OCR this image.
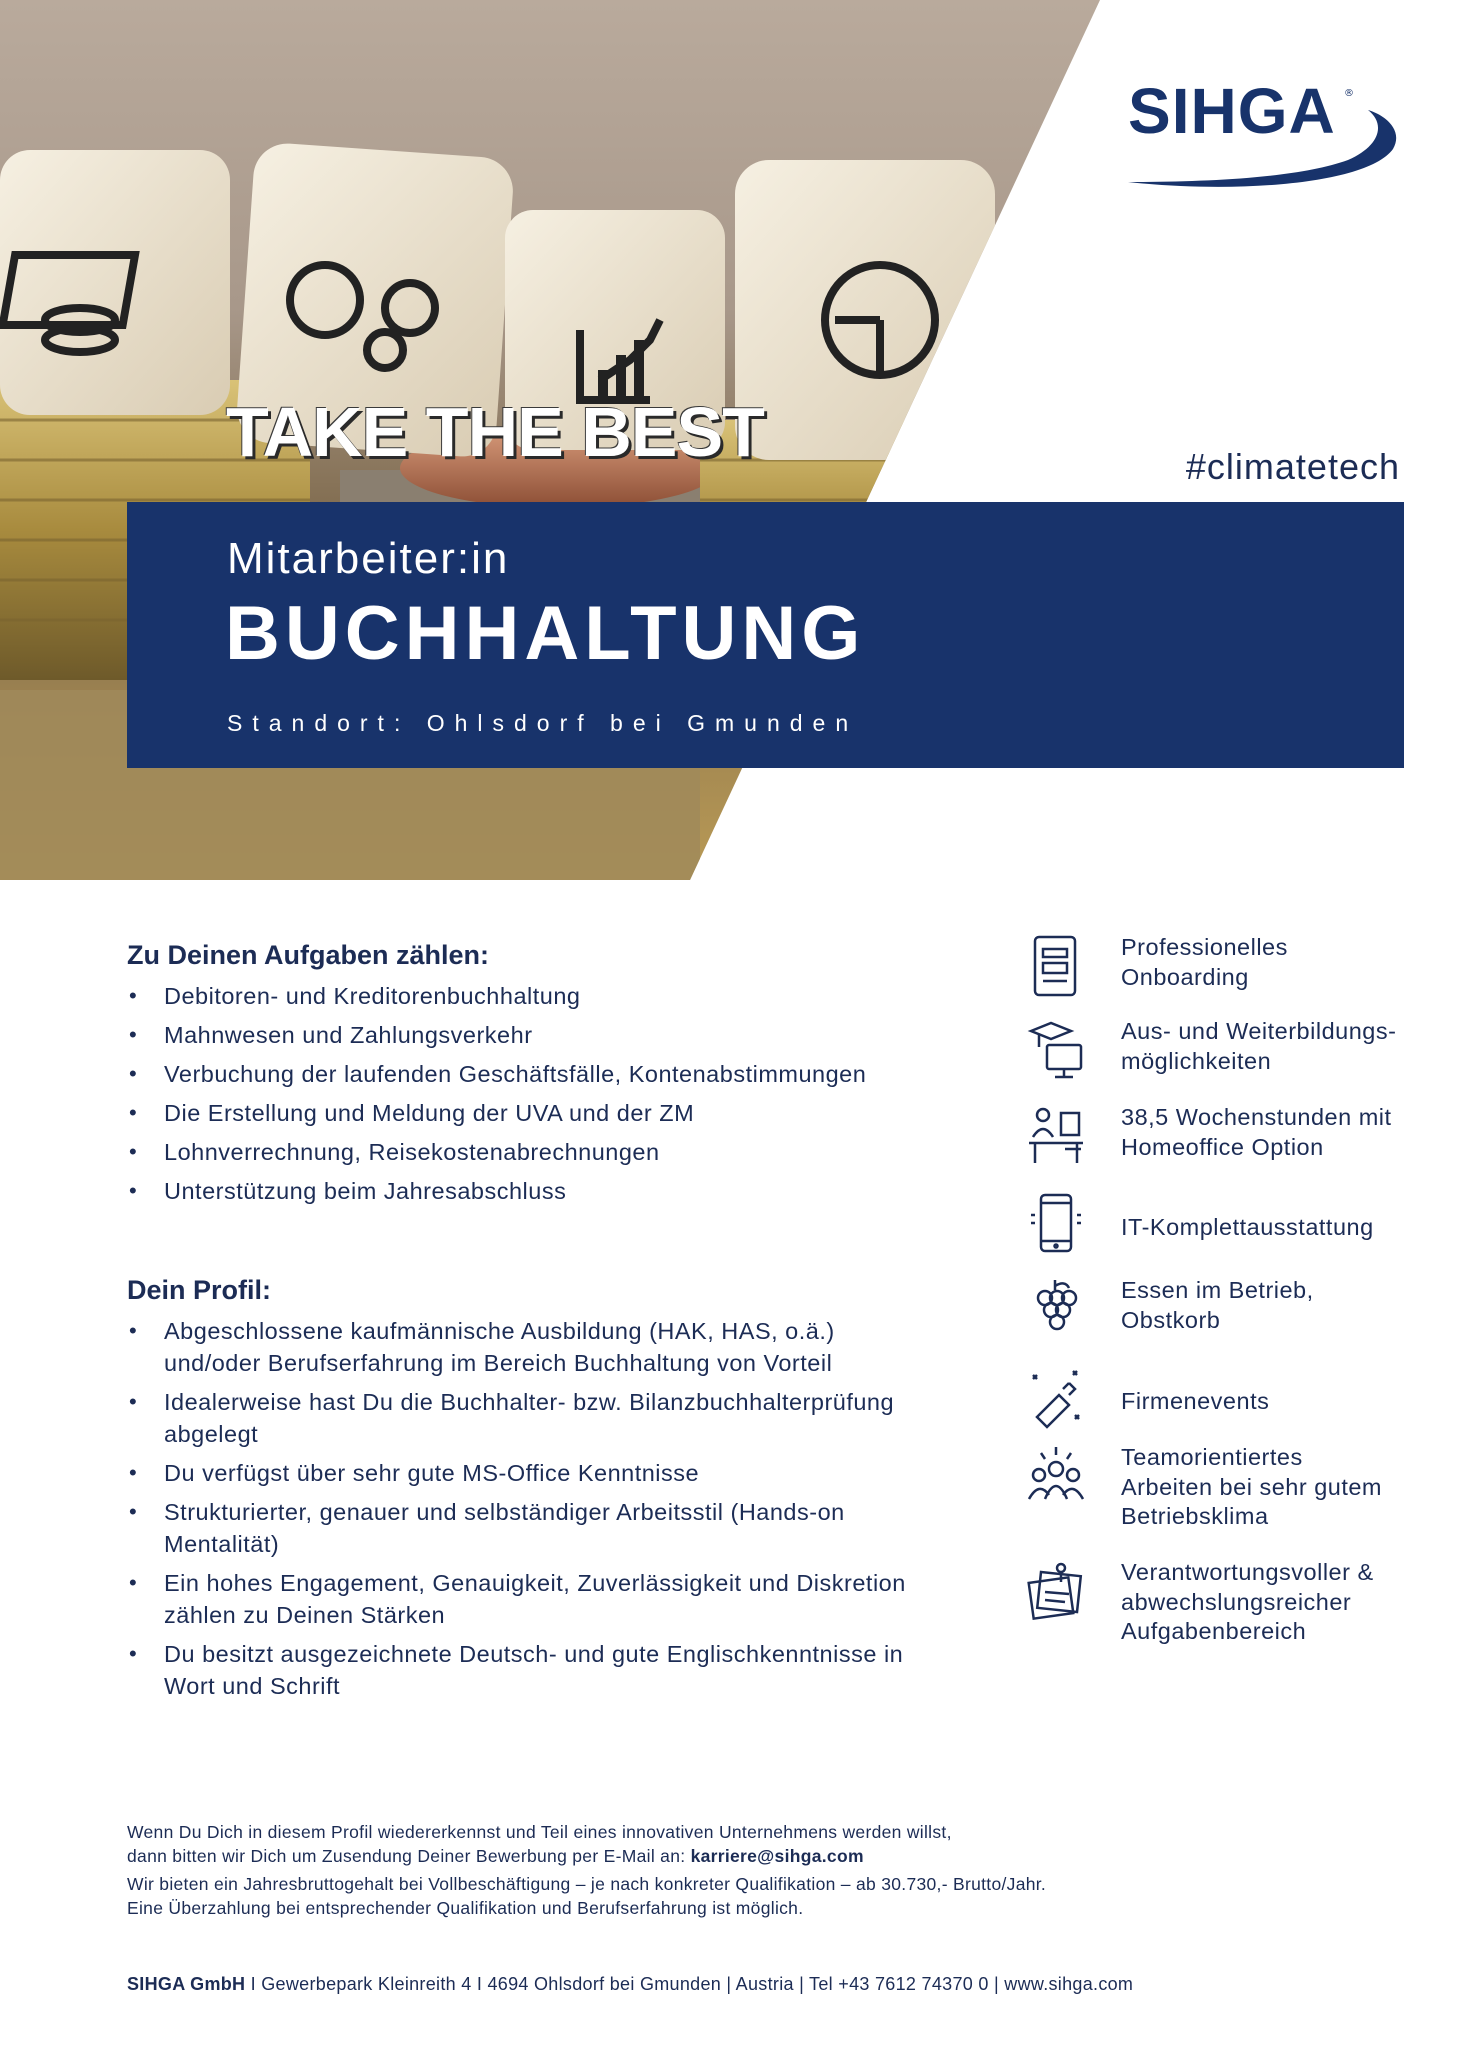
SIHGA ®
TAKE THE BEST	#climatetech
Mitarbeiter:in
BUCHHALTUNG
Standort: Ohlsdorf bei Gmunden
Zu Deinen Aufgaben zählen:
• Debitoren- und Kreditorenbuchhaltung
• Mahnwesen und Zahlungsverkehr
• Verbuchung der laufenden Geschäftsfälle, Kontenabstimmungen
• Die Erstellung und Meldung der UVA und der ZM
• Lohnverrechnung, Reisekostenabrechnungen
• Unterstützung beim Jahresabschluss
Dein Profil:
• Abgeschlossene kaufmännische Ausbildung (HAK, HAS, o.ä.) und/oder Berufserfahrung im Bereich Buchhaltung von Vorteil
• Idealerweise hast Du die Buchhalter- bzw. Bilanzbuchhalterprüfung abgelegt
• Du verfügst über sehr gute MS-Office Kenntnisse
• Strukturierter, genauer und selbständiger Arbeitsstil (Hands-on Mentalität)
• Ein hohes Engagement, Genauigkeit, Zuverlässigkeit und Diskretion zählen zu Deinen Stärken
• Du besitzt ausgezeichnete Deutsch- und gute Englischkenntnisse in Wort und Schrift
Professionelles
Onboarding
Aus- und Weiterbildungs-
möglichkeiten
38,5 Wochenstunden mit
Homeoffice Option
IT-Komplettausstattung
Essen im Betrieb,
Obstkorb
Firmenevents
Teamorientiertes
Arbeiten bei sehr gutem
Betriebsklima
Verantwortungsvoller &
abwechslungsreicher
Aufgabenbereich

Wenn Du Dich in diesem Profil wiedererkennst und Teil eines innovativen Unternehmens werden willst,
dann bitten wir Dich um Zusendung Deiner Bewerbung per E-Mail an: karriere@sihga.com

Wir bieten ein Jahresbruttogehalt bei Vollbeschäftigung – je nach konkreter Qualifikation – ab 30.730,- Brutto/Jahr.
Eine Überzahlung bei entsprechender Qualifikation und Berufserfahrung ist möglich.

SIHGA GmbH I Gewerbepark Kleinreith 4 I 4694 Ohlsdorf bei Gmunden | Austria | Tel +43 7612 74370 0 | www.sihga.com
